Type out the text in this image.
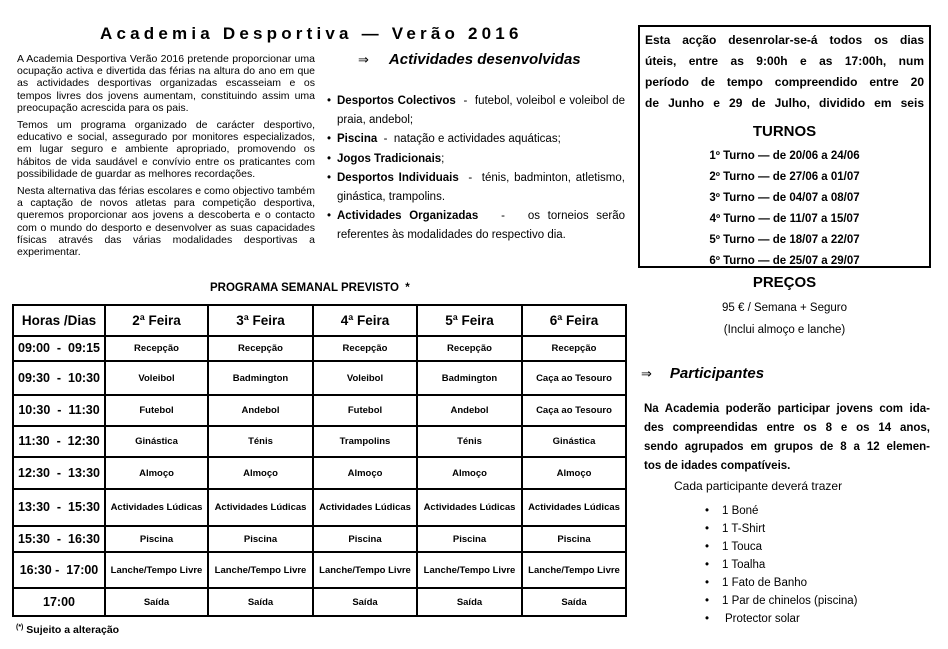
Academia Desportiva — Verão 2016

A Academia Desportiva Verão 2016 pretende proporcionar uma ocupação activa e divertida das férias na altura do ano em que as actividades desportivas organizadas escasseiam e os tempos livres dos jovens aumentam, constituindo assim uma preocupação acrescida para os pais.

Temos um programa organizado de carácter desportivo, educativo e social, assegurado por monitores especializados, em lugar seguro e ambiente apropriado, promovendo os hábitos de vida saudável e convívio entre os praticantes com possibilidade de guardar as melhores recordações.

Nesta alternativa das férias escolares e como objectivo também a captação de novos atletas para competição desportiva, queremos proporcionar aos jovens a descoberta e o contacto com o mundo do desporto e desenvolver as suas capacidades físicas através das várias modalidades desportivas a experimentar.

⇒ Actividades desenvolvidas
• Desportos Colectivos  -  futebol, voleibol e voleibol de praia, andebol;
• Piscina  -  natação e actividades aquáticas;
• Jogos Tradicionais;
• Desportos Individuais  -  ténis, badminton, atletismo, ginástica, trampolins.
• Actividades Organizadas   -   os torneios serão referentes às modalidades do respectivo dia.
PROGRAMA SEMANAL PREVISTO  *
Horas /Dias	2ª Feira	3ª Feira	4ª Feira	5ª Feira	6ª Feira
09:00  -  09:15	Recepção	Recepção	Recepção	Recepção	Recepção
09:30  -  10:30	Voleibol	Badmington	Voleibol	Badmington	Caça ao Tesouro
10:30  -  11:30	Futebol	Andebol	Futebol	Andebol	Caça ao Tesouro
11:30  -  12:30	Ginástica	Ténis	Trampolins	Ténis	Ginástica
12:30  -  13:30	Almoço	Almoço	Almoço	Almoço	Almoço
13:30  -  15:30	Actividades Lúdicas	Actividades Lúdicas	Actividades Lúdicas	Actividades Lúdicas	Actividades Lúdicas
15:30  -  16:30	Piscina	Piscina	Piscina	Piscina	Piscina
16:30 -  17:00	Lanche/Tempo Livre	Lanche/Tempo Livre	Lanche/Tempo Livre	Lanche/Tempo Livre	Lanche/Tempo Livre
17:00	Saída	Saída	Saída	Saída	Saída
(*) Sujeito a alteração
Esta acção desenrolar-se-á todos os dias
úteis, entre as 9:00h e as 17:00h, num
período de tempo compreendido entre 20
de Junho e 29 de Julho, dividido em seis
TURNOS
1º Turno — de 20/06 a 24/06
2º Turno — de 27/06 a 01/07
3º Turno — de 04/07 a 08/07
4º Turno — de 11/07 a 15/07
5º Turno — de 18/07 a 22/07
6º Turno — de 25/07 a 29/07
PREÇOS
95 € / Semana + Seguro
(Inclui almoço e lanche)
⇒ Participantes
Na Academia poderão participar jovens com ida-
des compreendidas entre os 8 e os 14 anos,
sendo agrupados em grupos de 8 a 12 elemen-
tos de idades compatíveis.
Cada participante deverá trazer
• 1 Boné
• 1 T-Shirt
• 1 Touca
• 1 Toalha
• 1 Fato de Banho
• 1 Par de chinelos (piscina)
• Protector solar
